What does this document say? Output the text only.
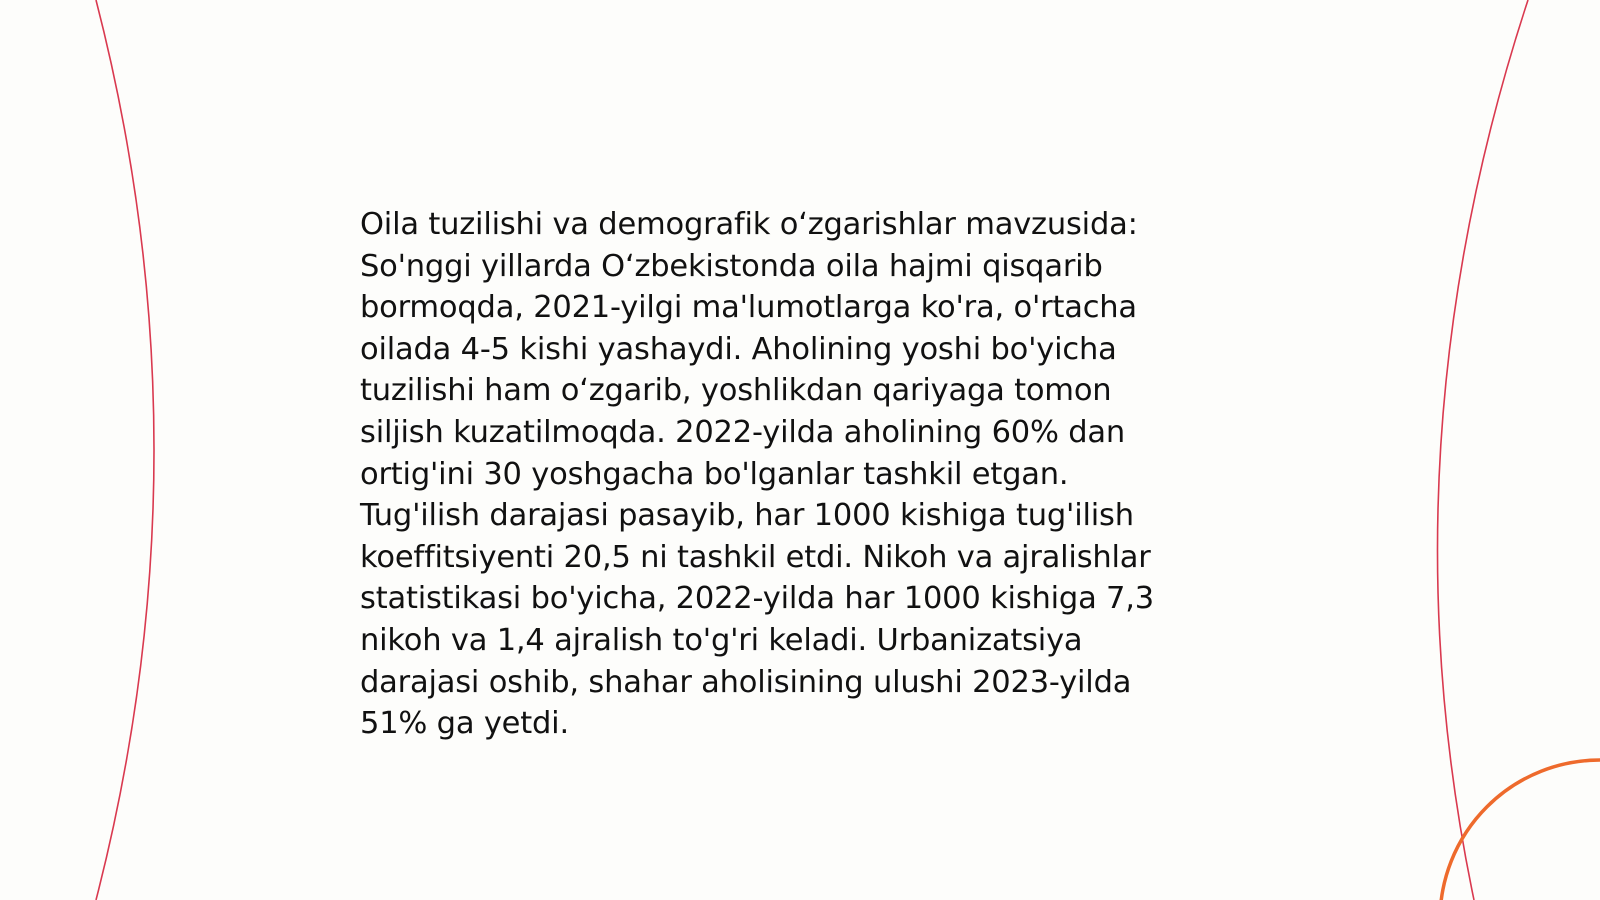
Oila tuzilishi va demografik o‘zgarishlar mavzusida:
So'nggi yillarda O‘zbekistonda oila hajmi qisqarib
bormoqda, 2021-yilgi ma'lumotlarga ko'ra, o'rtacha
oilada 4-5 kishi yashaydi. Aholining yoshi bo'yicha
tuzilishi ham o‘zgarib, yoshlikdan qariyaga tomon
siljish kuzatilmoqda. 2022-yilda aholining 60% dan
ortig'ini 30 yoshgacha bo'lganlar tashkil etgan.
Tug'ilish darajasi pasayib, har 1000 kishiga tug'ilish
koeffitsiyenti 20,5 ni tashkil etdi. Nikoh va ajralishlar
statistikasi bo'yicha, 2022-yilda har 1000 kishiga 7,3
nikoh va 1,4 ajralish to'g'ri keladi. Urbanizatsiya
darajasi oshib, shahar aholisining ulushi 2023-yilda
51% ga yetdi.
